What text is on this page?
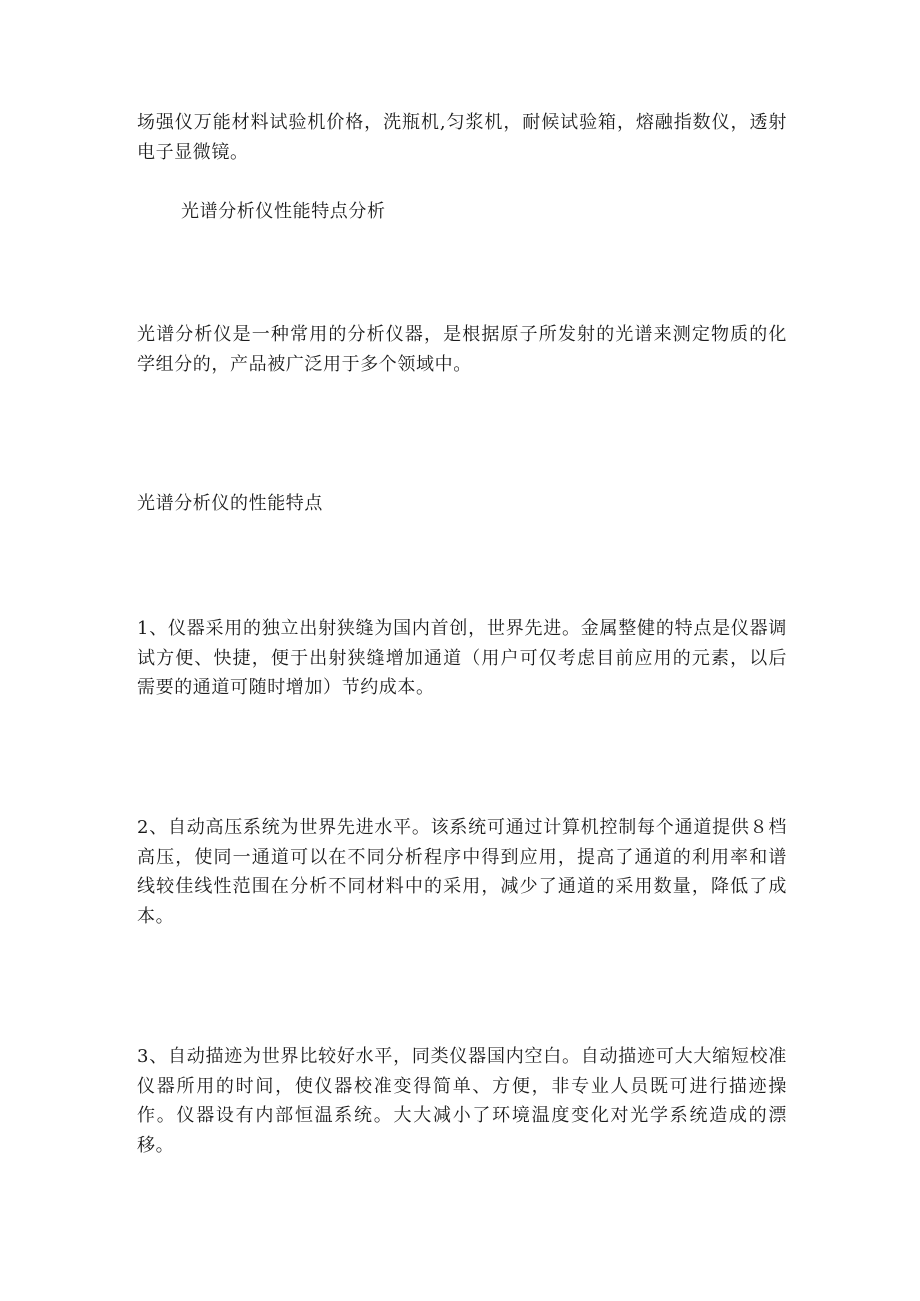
场强仪万能材料试验机价格，洗瓶机,匀浆机，耐候试验箱，熔融指数仪，透射电子显微镜。

光谱分析仪性能特点分析

光谱分析仪是一种常用的分析仪器，是根据原子所发射的光谱来测定物质的化学组分的，产品被广泛用于多个领域中。

光谱分析仪的性能特点

1、仪器采用的独立出射狭缝为国内首创，世界先进。金属整健的特点是仪器调试方便、快捷，便于出射狭缝增加通道（用户可仅考虑目前应用的元素，以后需要的通道可随时增加）节约成本。

2、自动高压系统为世界先进水平。该系统可通过计算机控制每个通道提供８档高压，使同一通道可以在不同分析程序中得到应用，提高了通道的利用率和谱线较佳线性范围在分析不同材料中的采用，减少了通道的采用数量，降低了成本。

3、自动描迹为世界比较好水平，同类仪器国内空白。自动描迹可大大缩短校准仪器所用的时间，使仪器校准变得简单、方便，非专业人员既可进行描迹操作。仪器设有内部恒温系统。大大减小了环境温度变化对光学系统造成的漂移。
